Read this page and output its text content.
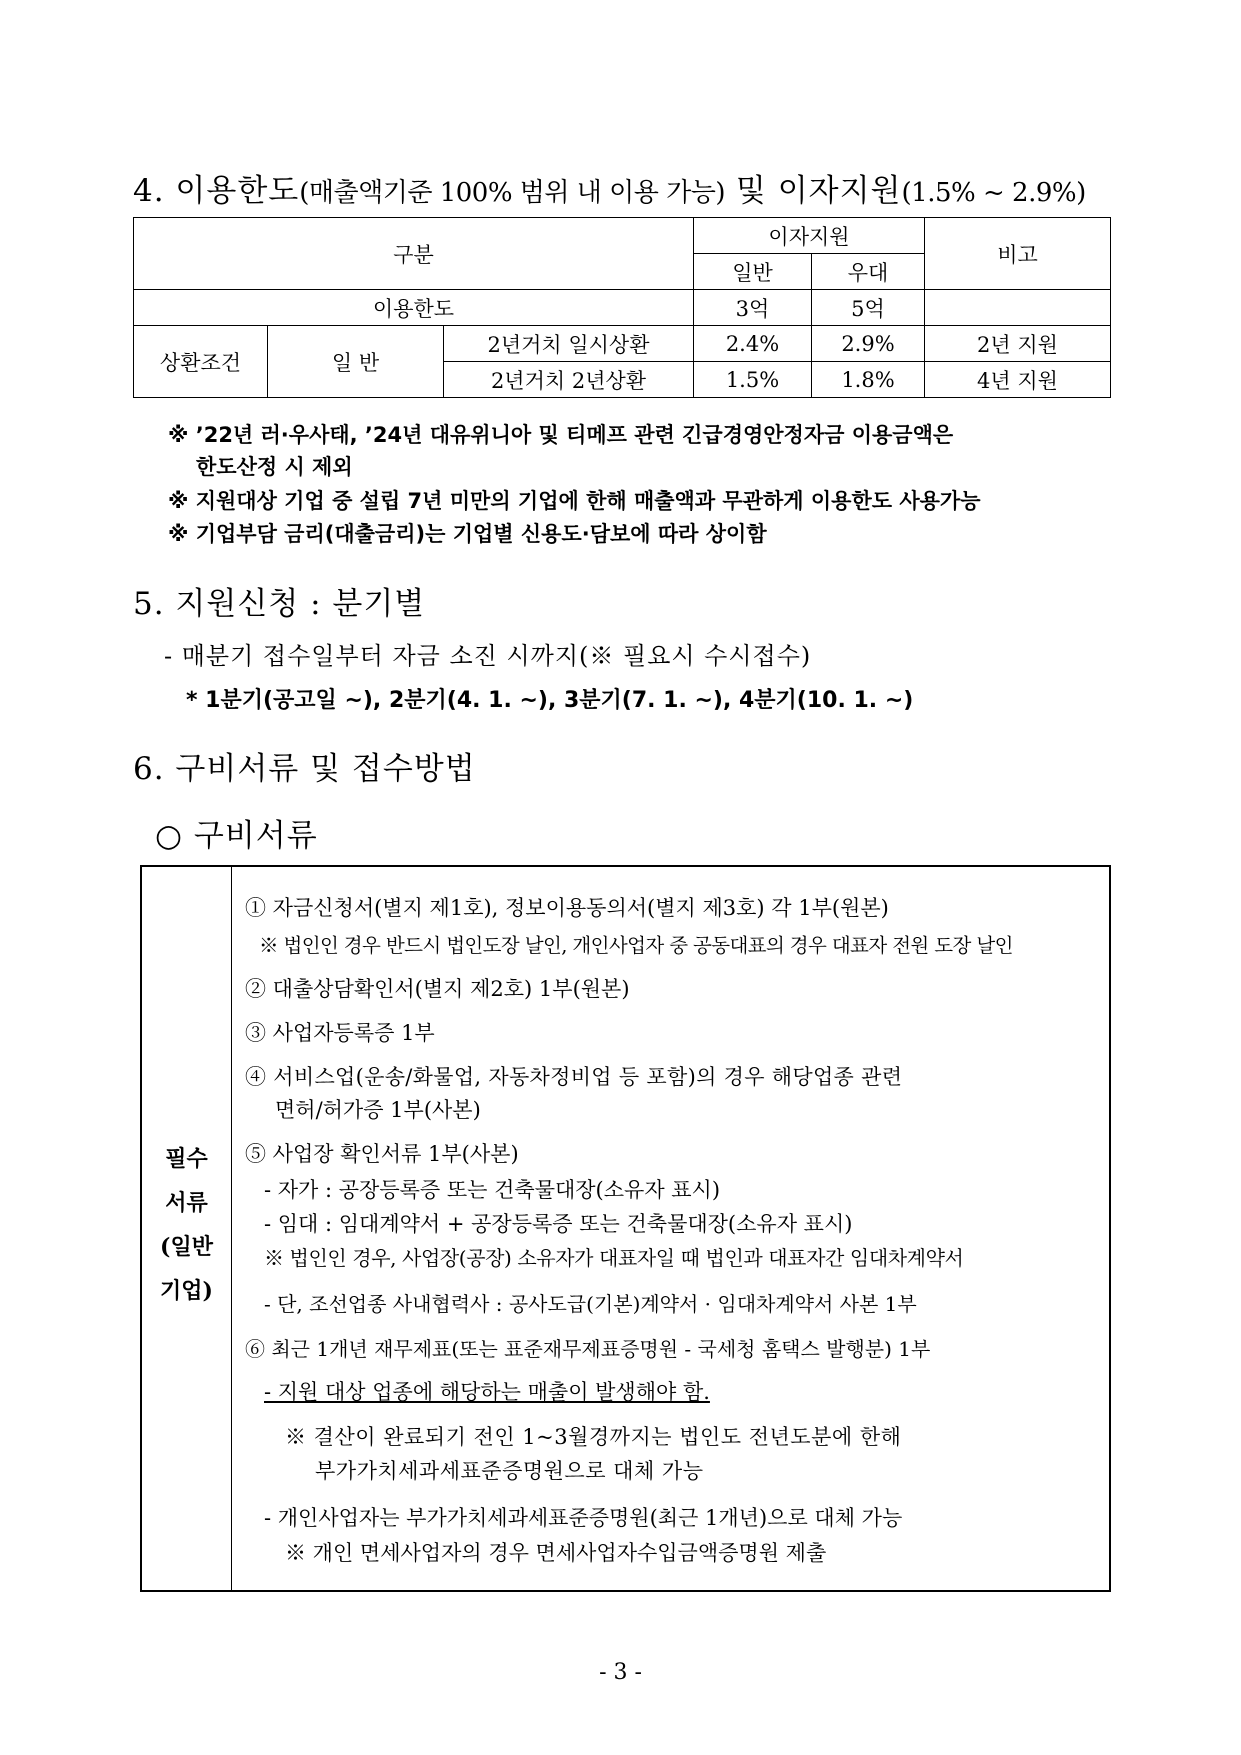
4. 이용한도(매출액기준 100% 범위 내 이용 가능) 및 이자지원(1.5% ~ 2.9%)
구분			이자지원		비고
			일반	우대	
이용한도			3억	5억	
상환조건	일 반	2년거치 일시상환	2.4%	2.9%	2년 지원
		2년거치 2년상환	1.5%	1.8%	4년 지원
※ ’22년 러·우사태, ’24년 대유위니아 및 티메프 관련 긴급경영안정자금 이용금액은
한도산정 시 제외
※ 지원대상 기업 중 설립 7년 미만의 기업에 한해 매출액과 무관하게 이용한도 사용가능
※ 기업부담 금리(대출금리)는 기업별 신용도·담보에 따라 상이함
5. 지원신청 : 분기별
- 매분기 접수일부터 자금 소진 시까지(※ 필요시 수시접수)
* 1분기(공고일 ~), 2분기(4. 1. ~), 3분기(7. 1. ~), 4분기(10. 1. ~)
6. 구비서류 및 접수방법
○ 구비서류
필수
서류
(일반
기업)
① 자금신청서(별지 제1호), 정보이용동의서(별지 제3호) 각 1부(원본)
※ 법인인 경우 반드시 법인도장 날인, 개인사업자 중 공동대표의 경우 대표자 전원 도장 날인
② 대출상담확인서(별지 제2호) 1부(원본)
③ 사업자등록증 1부
④ 서비스업(운송/화물업, 자동차정비업 등 포함)의 경우 해당업종 관련
면허/허가증 1부(사본)
⑤ 사업장 확인서류 1부(사본)
- 자가 : 공장등록증 또는 건축물대장(소유자 표시)
- 임대 : 임대계약서 + 공장등록증 또는 건축물대장(소유자 표시)
※ 법인인 경우, 사업장(공장) 소유자가 대표자일 때 법인과 대표자간 임대차계약서
- 단, 조선업종 사내협력사 : 공사도급(기본)계약서 · 임대차계약서 사본 1부
⑥ 최근 1개년 재무제표(또는 표준재무제표증명원 - 국세청 홈택스 발행분) 1부
- 지원 대상 업종에 해당하는 매출이 발생해야 함.
※ 결산이 완료되기 전인 1~3월경까지는 법인도 전년도분에 한해
부가가치세과세표준증명원으로 대체 가능
- 개인사업자는 부가가치세과세표준증명원(최근 1개년)으로 대체 가능
※ 개인 면세사업자의 경우 면세사업자수입금액증명원 제출
- 3 -
